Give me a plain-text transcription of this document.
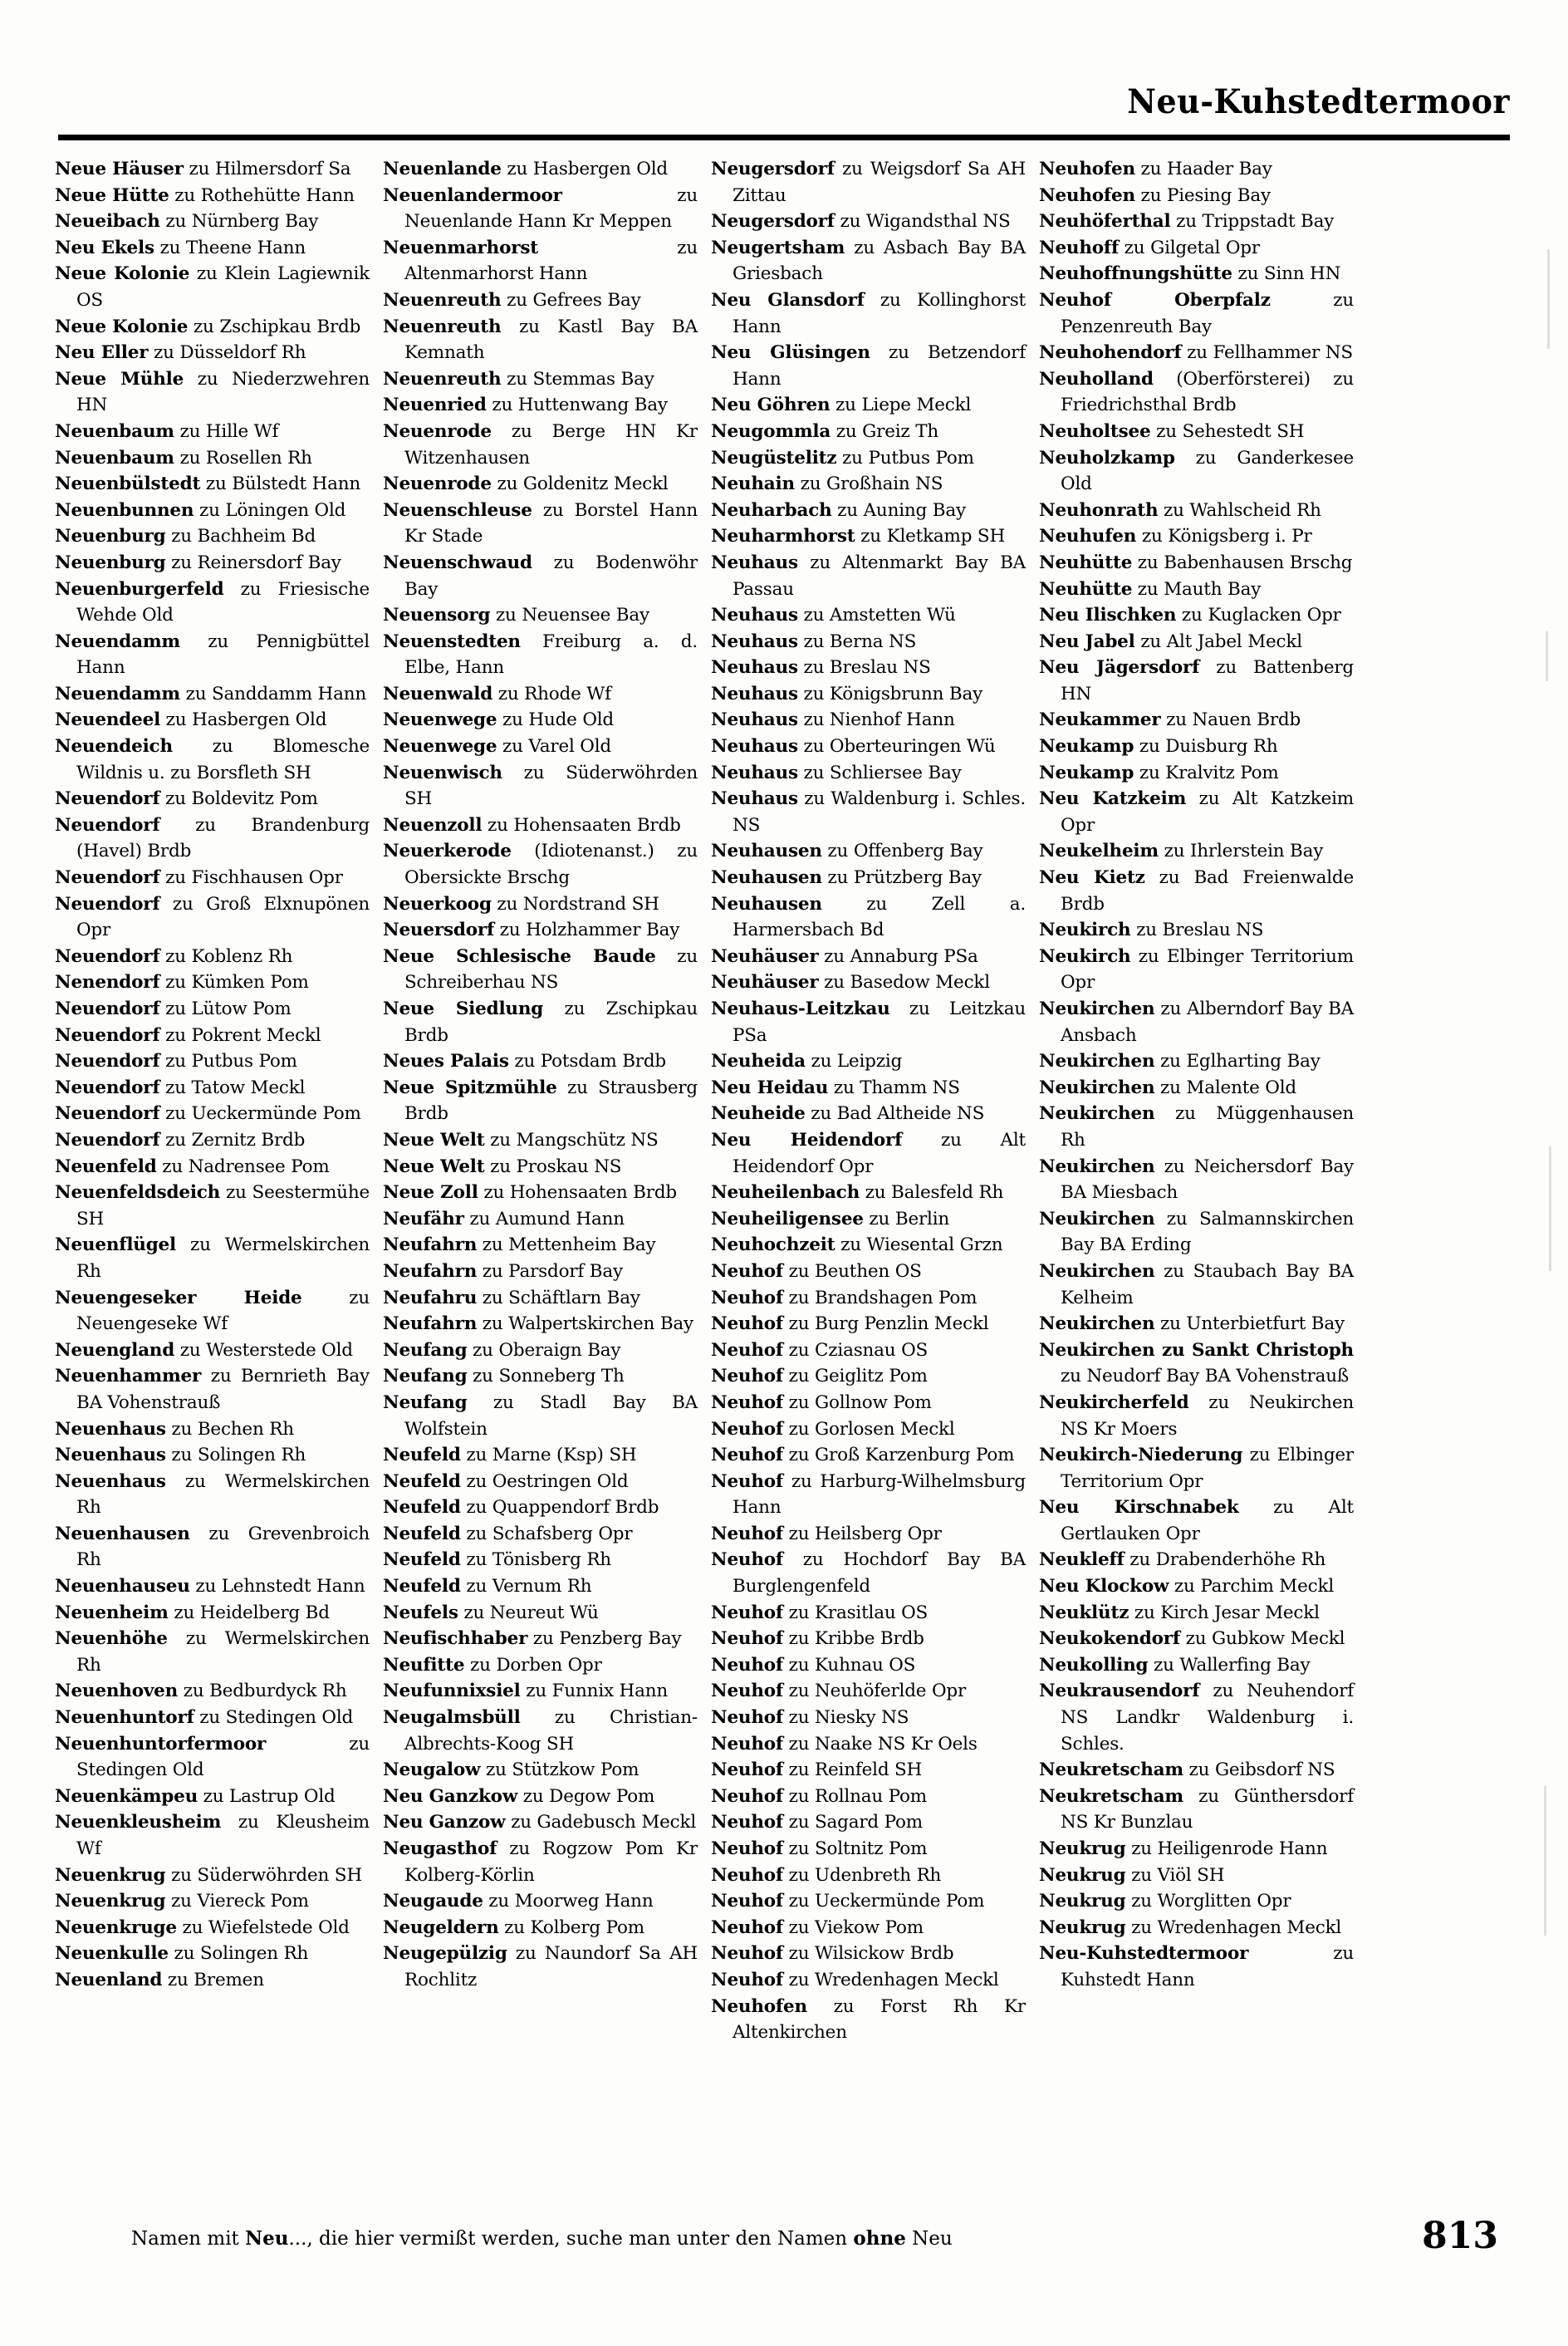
Neu-Kuhstedtermoor

Neue Häuser zu Hilmersdorf Sa

Neue Hütte zu Rothehütte Hann

Neueibach zu Nürnberg Bay

Neu Ekels zu Theene Hann

Neue Kolonie zu Klein Lagiewnik OS

Neue Kolonie zu Zschipkau Brdb

Neu Eller zu Düsseldorf Rh

Neue Mühle zu Niederzwehren HN

Neuenbaum zu Hille Wf

Neuenbaum zu Rosellen Rh

Neuenbülstedt zu Bülstedt Hann

Neuenbunnen zu Löningen Old

Neuenburg zu Bachheim Bd

Neuenburg zu Reinersdorf Bay

Neuenburgerfeld zu Friesische Wehde Old

Neuendamm zu Pennigbüttel Hann

Neuendamm zu Sanddamm Hann

Neuendeel zu Hasbergen Old

Neuendeich zu Blomesche Wildnis u. zu Borsfleth SH

Neuendorf zu Boldevitz Pom

Neuendorf zu Brandenburg (Havel) Brdb

Neuendorf zu Fischhausen Opr

Neuendorf zu Groß Elxnupönen Opr

Neuendorf zu Koblenz Rh

Nenendorf zu Kümken Pom

Neuendorf zu Lütow Pom

Neuendorf zu Pokrent Meckl

Neuendorf zu Putbus Pom

Neuendorf zu Tatow Meckl

Neuendorf zu Ueckermünde Pom

Neuendorf zu Zernitz Brdb

Neuenfeld zu Nadrensee Pom

Neuenfeldsdeich zu Seestermühe SH

Neuenflügel zu Wermelskirchen Rh

Neuengeseker Heide zu Neuengeseke Wf

Neuengland zu Westerstede Old

Neuenhammer zu Bernrieth Bay BA Vohenstrauß

Neuenhaus zu Bechen Rh

Neuenhaus zu Solingen Rh

Neuenhaus zu Wermelskirchen Rh

Neuenhausen zu Grevenbroich Rh

Neuenhauseu zu Lehnstedt Hann

Neuenheim zu Heidelberg Bd

Neuenhöhe zu Wermelskirchen Rh

Neuenhoven zu Bedburdyck Rh

Neuenhuntorf zu Stedingen Old

Neuenhuntorfermoor zu Stedingen Old

Neuenkämpeu zu Lastrup Old

Neuenkleusheim zu Kleusheim Wf

Neuenkrug zu Süderwöhrden SH

Neuenkrug zu Viereck Pom

Neuenkruge zu Wiefelstede Old

Neuenkulle zu Solingen Rh

Neuenland zu Bremen

Neuenlande zu Hasbergen Old

Neuenlandermoor zu Neuenlande Hann Kr Meppen

Neuenmarhorst zu Altenmarhorst Hann

Neuenreuth zu Gefrees Bay

Neuenreuth zu Kastl Bay BA Kemnath

Neuenreuth zu Stemmas Bay

Neuenried zu Huttenwang Bay

Neuenrode zu Berge HN Kr Witzenhausen

Neuenrode zu Goldenitz Meckl

Neuenschleuse zu Borstel Hann Kr Stade

Neuenschwaud zu Bodenwöhr Bay

Neuensorg zu Neuensee Bay

Neuenstedten Freiburg a. d. Elbe, Hann

Neuenwald zu Rhode Wf

Neuenwege zu Hude Old

Neuenwege zu Varel Old

Neuenwisch zu Süderwöhrden SH

Neuenzoll zu Hohensaaten Brdb

Neuerkerode (Idiotenanst.) zu Obersickte Brschg

Neuerkoog zu Nordstrand SH

Neuersdorf zu Holzhammer Bay

Neue Schlesische Baude zu Schreiberhau NS

Neue Siedlung zu Zschipkau Brdb

Neues Palais zu Potsdam Brdb

Neue Spitzmühle zu Strausberg Brdb

Neue Welt zu Mangschütz NS

Neue Welt zu Proskau NS

Neue Zoll zu Hohensaaten Brdb

Neufähr zu Aumund Hann

Neufahrn zu Mettenheim Bay

Neufahrn zu Parsdorf Bay

Neufahru zu Schäftlarn Bay

Neufahrn zu Walpertskirchen Bay

Neufang zu Oberaign Bay

Neufang zu Sonneberg Th

Neufang zu Stadl Bay BA Wolfstein

Neufeld zu Marne (Ksp) SH

Neufeld zu Oestringen Old

Neufeld zu Quappendorf Brdb

Neufeld zu Schafsberg Opr

Neufeld zu Tönisberg Rh

Neufeld zu Vernum Rh

Neufels zu Neureut Wü

Neufischhaber zu Penzberg Bay

Neufitte zu Dorben Opr

Neufunnixsiel zu Funnix Hann

Neugalmsbüll zu Christian-Albrechts-Koog SH

Neugalow zu Stützkow Pom

Neu Ganzkow zu Degow Pom

Neu Ganzow zu Gadebusch Meckl

Neugasthof zu Rogzow Pom Kr Kolberg-Körlin

Neugaude zu Moorweg Hann

Neugeldern zu Kolberg Pom

Neugepülzig zu Naundorf Sa AH Rochlitz

Neugersdorf zu Weigsdorf Sa AH Zittau

Neugersdorf zu Wigandsthal NS

Neugertsham zu Asbach Bay BA Griesbach

Neu Glansdorf zu Kollinghorst Hann

Neu Glüsingen zu Betzendorf Hann

Neu Göhren zu Liepe Meckl

Neugommla zu Greiz Th

Neugüstelitz zu Putbus Pom

Neuhain zu Großhain NS

Neuharbach zu Auning Bay

Neuharmhorst zu Kletkamp SH

Neuhaus zu Altenmarkt Bay BA Passau

Neuhaus zu Amstetten Wü

Neuhaus zu Berna NS

Neuhaus zu Breslau NS

Neuhaus zu Königsbrunn Bay

Neuhaus zu Nienhof Hann

Neuhaus zu Oberteuringen Wü

Neuhaus zu Schliersee Bay

Neuhaus zu Waldenburg i. Schles. NS

Neuhausen zu Offenberg Bay

Neuhausen zu Prützberg Bay

Neuhausen zu Zell a. Harmersbach Bd

Neuhäuser zu Annaburg PSa

Neuhäuser zu Basedow Meckl

Neuhaus-Leitzkau zu Leitzkau PSa

Neuheida zu Leipzig

Neu Heidau zu Thamm NS

Neuheide zu Bad Altheide NS

Neu Heidendorf zu Alt Heidendorf Opr

Neuheilenbach zu Balesfeld Rh

Neuheiligensee zu Berlin

Neuhochzeit zu Wiesental Grzn

Neuhof zu Beuthen OS

Neuhof zu Brandshagen Pom

Neuhof zu Burg Penzlin Meckl

Neuhof zu Cziasnau OS

Neuhof zu Geiglitz Pom

Neuhof zu Gollnow Pom

Neuhof zu Gorlosen Meckl

Neuhof zu Groß Karzenburg Pom

Neuhof zu Harburg-Wilhelmsburg Hann

Neuhof zu Heilsberg Opr

Neuhof zu Hochdorf Bay BA Burglengenfeld

Neuhof zu Krasitlau OS

Neuhof zu Kribbe Brdb

Neuhof zu Kuhnau OS

Neuhof zu Neuhöferlde Opr

Neuhof zu Niesky NS

Neuhof zu Naake NS Kr Oels

Neuhof zu Reinfeld SH

Neuhof zu Rollnau Pom

Neuhof zu Sagard Pom

Neuhof zu Soltnitz Pom

Neuhof zu Udenbreth Rh

Neuhof zu Ueckermünde Pom

Neuhof zu Viekow Pom

Neuhof zu Wilsickow Brdb

Neuhof zu Wredenhagen Meckl

Neuhofen zu Forst Rh Kr Altenkirchen

Neuhofen zu Haader Bay

Neuhofen zu Piesing Bay

Neuhöferthal zu Trippstadt Bay

Neuhoff zu Gilgetal Opr

Neuhoffnungshütte zu Sinn HN

Neuhof Oberpfalz zu Penzenreuth Bay

Neuhohendorf zu Fellhammer NS

Neuholland (Oberförsterei) zu Friedrichsthal Brdb

Neuholtsee zu Sehestedt SH

Neuholzkamp zu Ganderkesee Old

Neuhonrath zu Wahlscheid Rh

Neuhufen zu Königsberg i. Pr

Neuhütte zu Babenhausen Brschg

Neuhütte zu Mauth Bay

Neu Ilischken zu Kuglacken Opr

Neu Jabel zu Alt Jabel Meckl

Neu Jägersdorf zu Battenberg HN

Neukammer zu Nauen Brdb

Neukamp zu Duisburg Rh

Neukamp zu Kralvitz Pom

Neu Katzkeim zu Alt Katzkeim Opr

Neukelheim zu Ihrlerstein Bay

Neu Kietz zu Bad Freienwalde Brdb

Neukirch zu Breslau NS

Neukirch zu Elbinger Territorium Opr

Neukirchen zu Alberndorf Bay BA Ansbach

Neukirchen zu Eglharting Bay

Neukirchen zu Malente Old

Neukirchen zu Müggenhausen Rh

Neukirchen zu Neichersdorf Bay BA Miesbach

Neukirchen zu Salmannskirchen Bay BA Erding

Neukirchen zu Staubach Bay BA Kelheim

Neukirchen zu Unterbietfurt Bay

Neukirchen zu Sankt Christoph zu Neudorf Bay BA Vohenstrauß

Neukircherfeld zu Neukirchen NS Kr Moers

Neukirch-Niederung zu Elbinger Territorium Opr

Neu Kirschnabek zu Alt Gertlauken Opr

Neukleff zu Drabenderhöhe Rh

Neu Klockow zu Parchim Meckl

Neuklütz zu Kirch Jesar Meckl

Neukokendorf zu Gubkow Meckl

Neukolling zu Wallerfing Bay

Neukrausendorf zu Neuhendorf NS Landkr Waldenburg i. Schles.

Neukretscham zu Geibsdorf NS

Neukretscham zu Günthersdorf NS Kr Bunzlau

Neukrug zu Heiligenrode Hann

Neukrug zu Viöl SH

Neukrug zu Worglitten Opr

Neukrug zu Wredenhagen Meckl

Neu-Kuhstedtermoor zu Kuhstedt Hann

Namen mit Neu..., die hier vermißt werden, suche man unter den Namen ohne Neu	813
